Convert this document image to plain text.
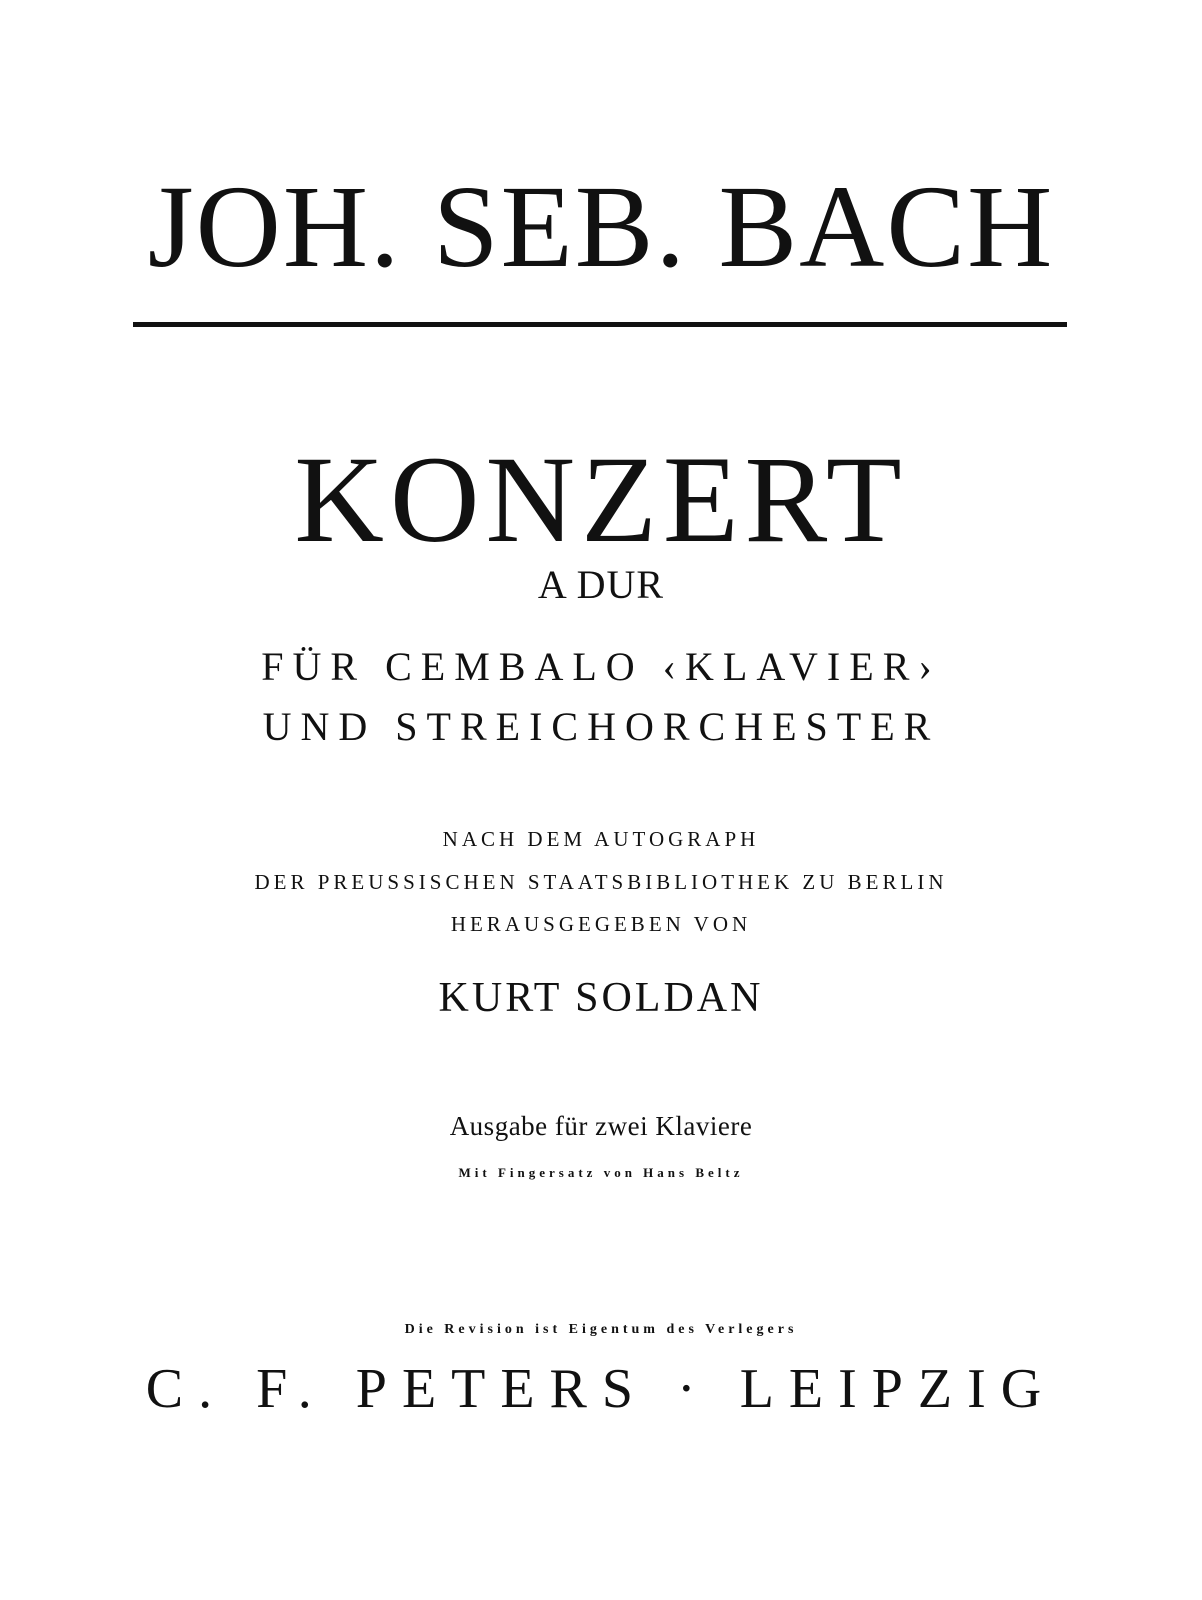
JOH. SEB. BACH
KONZERT
A DUR
FÜR CEMBALO ‹KLAVIER›
UND STREICHORCHESTER
NACH DEM AUTOGRAPH
DER PREUSSISCHEN STAATSBIBLIOTHEK ZU BERLIN
HERAUSGEGEBEN VON
KURT SOLDAN
Ausgabe für zwei Klaviere
Mit Fingersatz von Hans Beltz
Die Revision ist Eigentum des Verlegers
C. F. PETERS · LEIPZIG
